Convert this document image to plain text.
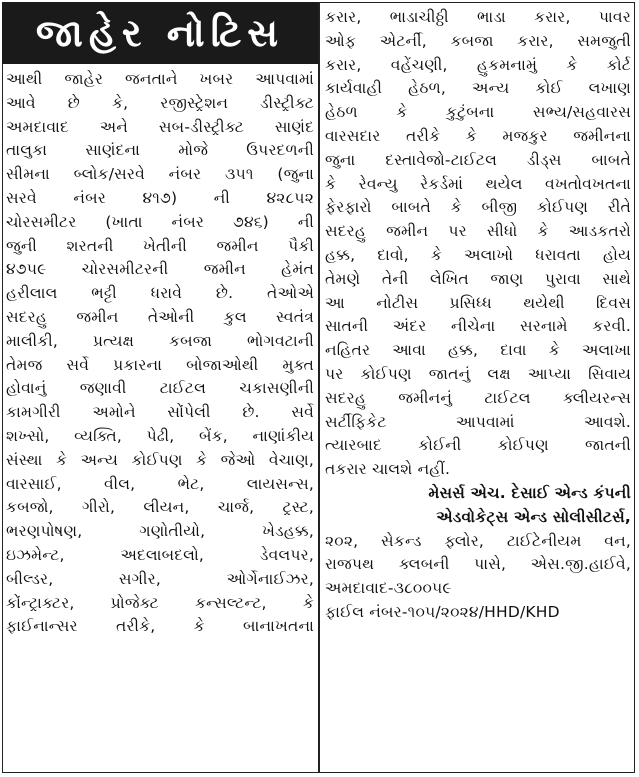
જાહેર નોટિસ
આથી જાહેર જનતાને ખબર આપવામાં
આવે છે કે, રજીસ્ટ્રેશન ડીસ્ટ્રીક્ટ
અમદાવાદ અને સબ-ડીસ્ટ્રીક્ટ સાણંદ
તાલુકા સાણંદના મોજે ઉપરદળની
સીમના બ્લોક/સરવે નંબર ૩૫૧ (જુના
સરવે નંબર ૪૧૭) ની ૪૨૮૫૨
ચોરસમીટર (ખાતા નંબર ૭૪૬) ની
જુની શરતની ખેતીની જમીન પૈકી
૪૭૫૯ ચોરસમીટરની જમીન હેમંત
હરીલાલ ભટ્ટી ધરાવે છે. તેઓએ
સદરહુ જમીન તેઓની કુલ સ્વતંત્ર
માલીકી, પ્રત્યક્ષ કબજા ભોગવટાની
તેમજ સર્વે પ્રકારના બોજાઓથી મુક્ત
હોવાનું જણાવી ટાઈટલ ચકાસણીની
કામગીરી અમોને સોંપેલી છે. સર્વે
શખ્સો, વ્યક્તિ, પેઢી, બેંક, નાણાંકીય
સંસ્થા કે અન્ય કોઈપણ કે જેઓ વેચાણ,
વારસાઈ, વીલ, ભેટ, લાયસન્સ,
કબજો, ગીરો, લીયન, ચાર્જ, ટ્રસ્ટ,
ભરણપોષણ, ગણોતીયો, ખેડહક્ક,
ઇઝમેન્ટ, અદલાબદલો, ડેવલપર,
બીલ્ડર, સગીર, ઓર્ગેનાઈઝર,
કોંન્ટ્રાક્ટર, પ્રોજેક્ટ કન્સલ્ટન્ટ, કે
ફાઈનાન્સર તરીકે, કે બાનાખતના
કરાર, ભાડાચીઠ્ઠી ભાડા કરાર, પાવર
ઓફ એટર્ની, કબજા કરાર, સમજુતી
કરાર, વહેંચણી, હુકમનામું કે કોર્ટ
કાર્યવાહી હેઠળ, અન્ય કોઈ લખાણ
હેઠળ કે કુટુંબના સભ્ય/સહવારસ
વારસદાર તરીકે કે મજકુર જમીનના
જુના દસ્તાવેજો-ટાઈટલ ડીડ્સ બાબતે
કે રેવન્યુ રેકર્ડમાં થયેલ વખતોવખતના
ફેરફારો બાબતે કે બીજી કોઈપણ રીતે
સદરહુ જમીન પર સીધો કે આડકતરો
હક્ક, દાવો, કે અલાખો ધરાવતા હોય
તેમણે તેની લેખિત જાણ પુરાવા સાથે
આ નોટીસ પ્રસિધ્ધ થયેથી દિવસ
સાતની અંદર નીચેના સરનામે કરવી.
નહિતર આવા હક્ક, દાવા કે અલાખા
પર કોઈપણ જાતનું લક્ષ આપ્યા સિવાય
સદરહુ જમીનનું ટાઈટલ ક્લીયરન્સ
સર્ટીફિકેટ આપવામાં આવશે.
ત્યારબાદ કોઈની કોઈપણ જાતની
તકરાર ચાલશે નહીં.
મેસર્સ એચ. દેસાઈ એન્ડ કંપની
એડવોકેટ્સ એન્ડ સોલીસીટર્સ,
૨૦૨, સેકન્ડ ફ્લોર, ટાઈટેનીયમ વન,
રાજપથ ક્લબની પાસે, એસ.જી.હાઈવે,
અમદાવાદ-૩૮૦૦૫૯
ફાઈલ નંબર-૧૦૫/૨૦૨૪/HHD/KHD
